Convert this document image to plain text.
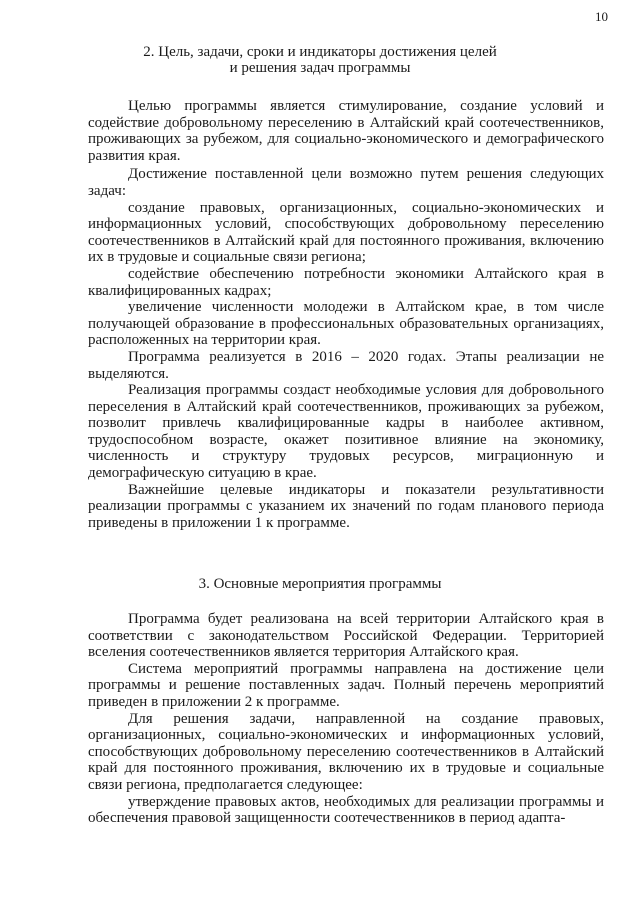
10
2. Цель, задачи, сроки и индикаторы достижения целей
и решения задач программы

Целью программы является стимулирование, создание условий и содействие добровольному переселению в Алтайский край соотечественников, проживающих за рубежом, для социально-экономического и демографического развития края.

Достижение поставленной цели возможно путем решения следующих задач:

создание правовых, организационных, социально-экономических и информационных условий, способствующих добровольному переселению соотечественников в Алтайский край для постоянного проживания, включению их в трудовые и социальные связи региона;

содействие обеспечению потребности экономики Алтайского края в квалифицированных кадрах;

увеличение численности молодежи в Алтайском крае, в том числе получающей образование в профессиональных образовательных организациях, расположенных на территории края.

Программа реализуется в 2016 – 2020 годах. Этапы реализации не выделяются.

Реализация программы создаст необходимые условия для добровольного переселения в Алтайский край соотечественников, проживающих за рубежом, позволит привлечь квалифицированные кадры в наиболее активном, трудоспособном возрасте, окажет позитивное влияние на экономику, численность и структуру трудовых ресурсов, миграционную и демографическую ситуацию в крае.

Важнейшие целевые индикаторы и показатели результативности реализации программы с указанием их значений по годам планового периода приведены в приложении 1 к программе.

3. Основные мероприятия программы

Программа будет реализована на всей территории Алтайского края в соответствии с законодательством Российской Федерации. Территорией вселения соотечественников является территория Алтайского края.

Система мероприятий программы направлена на достижение цели программы и решение поставленных задач. Полный перечень мероприятий приведен в приложении 2 к программе.

Для решения задачи, направленной на создание правовых, организационных, социально-экономических и информационных условий, способствующих добровольному переселению соотечественников в Алтайский край для постоянного проживания, включению их в трудовые и социальные связи региона, предполагается следующее:

утверждение правовых актов, необходимых для реализации программы и обеспечения правовой защищенности соотечественников в период адапта-
